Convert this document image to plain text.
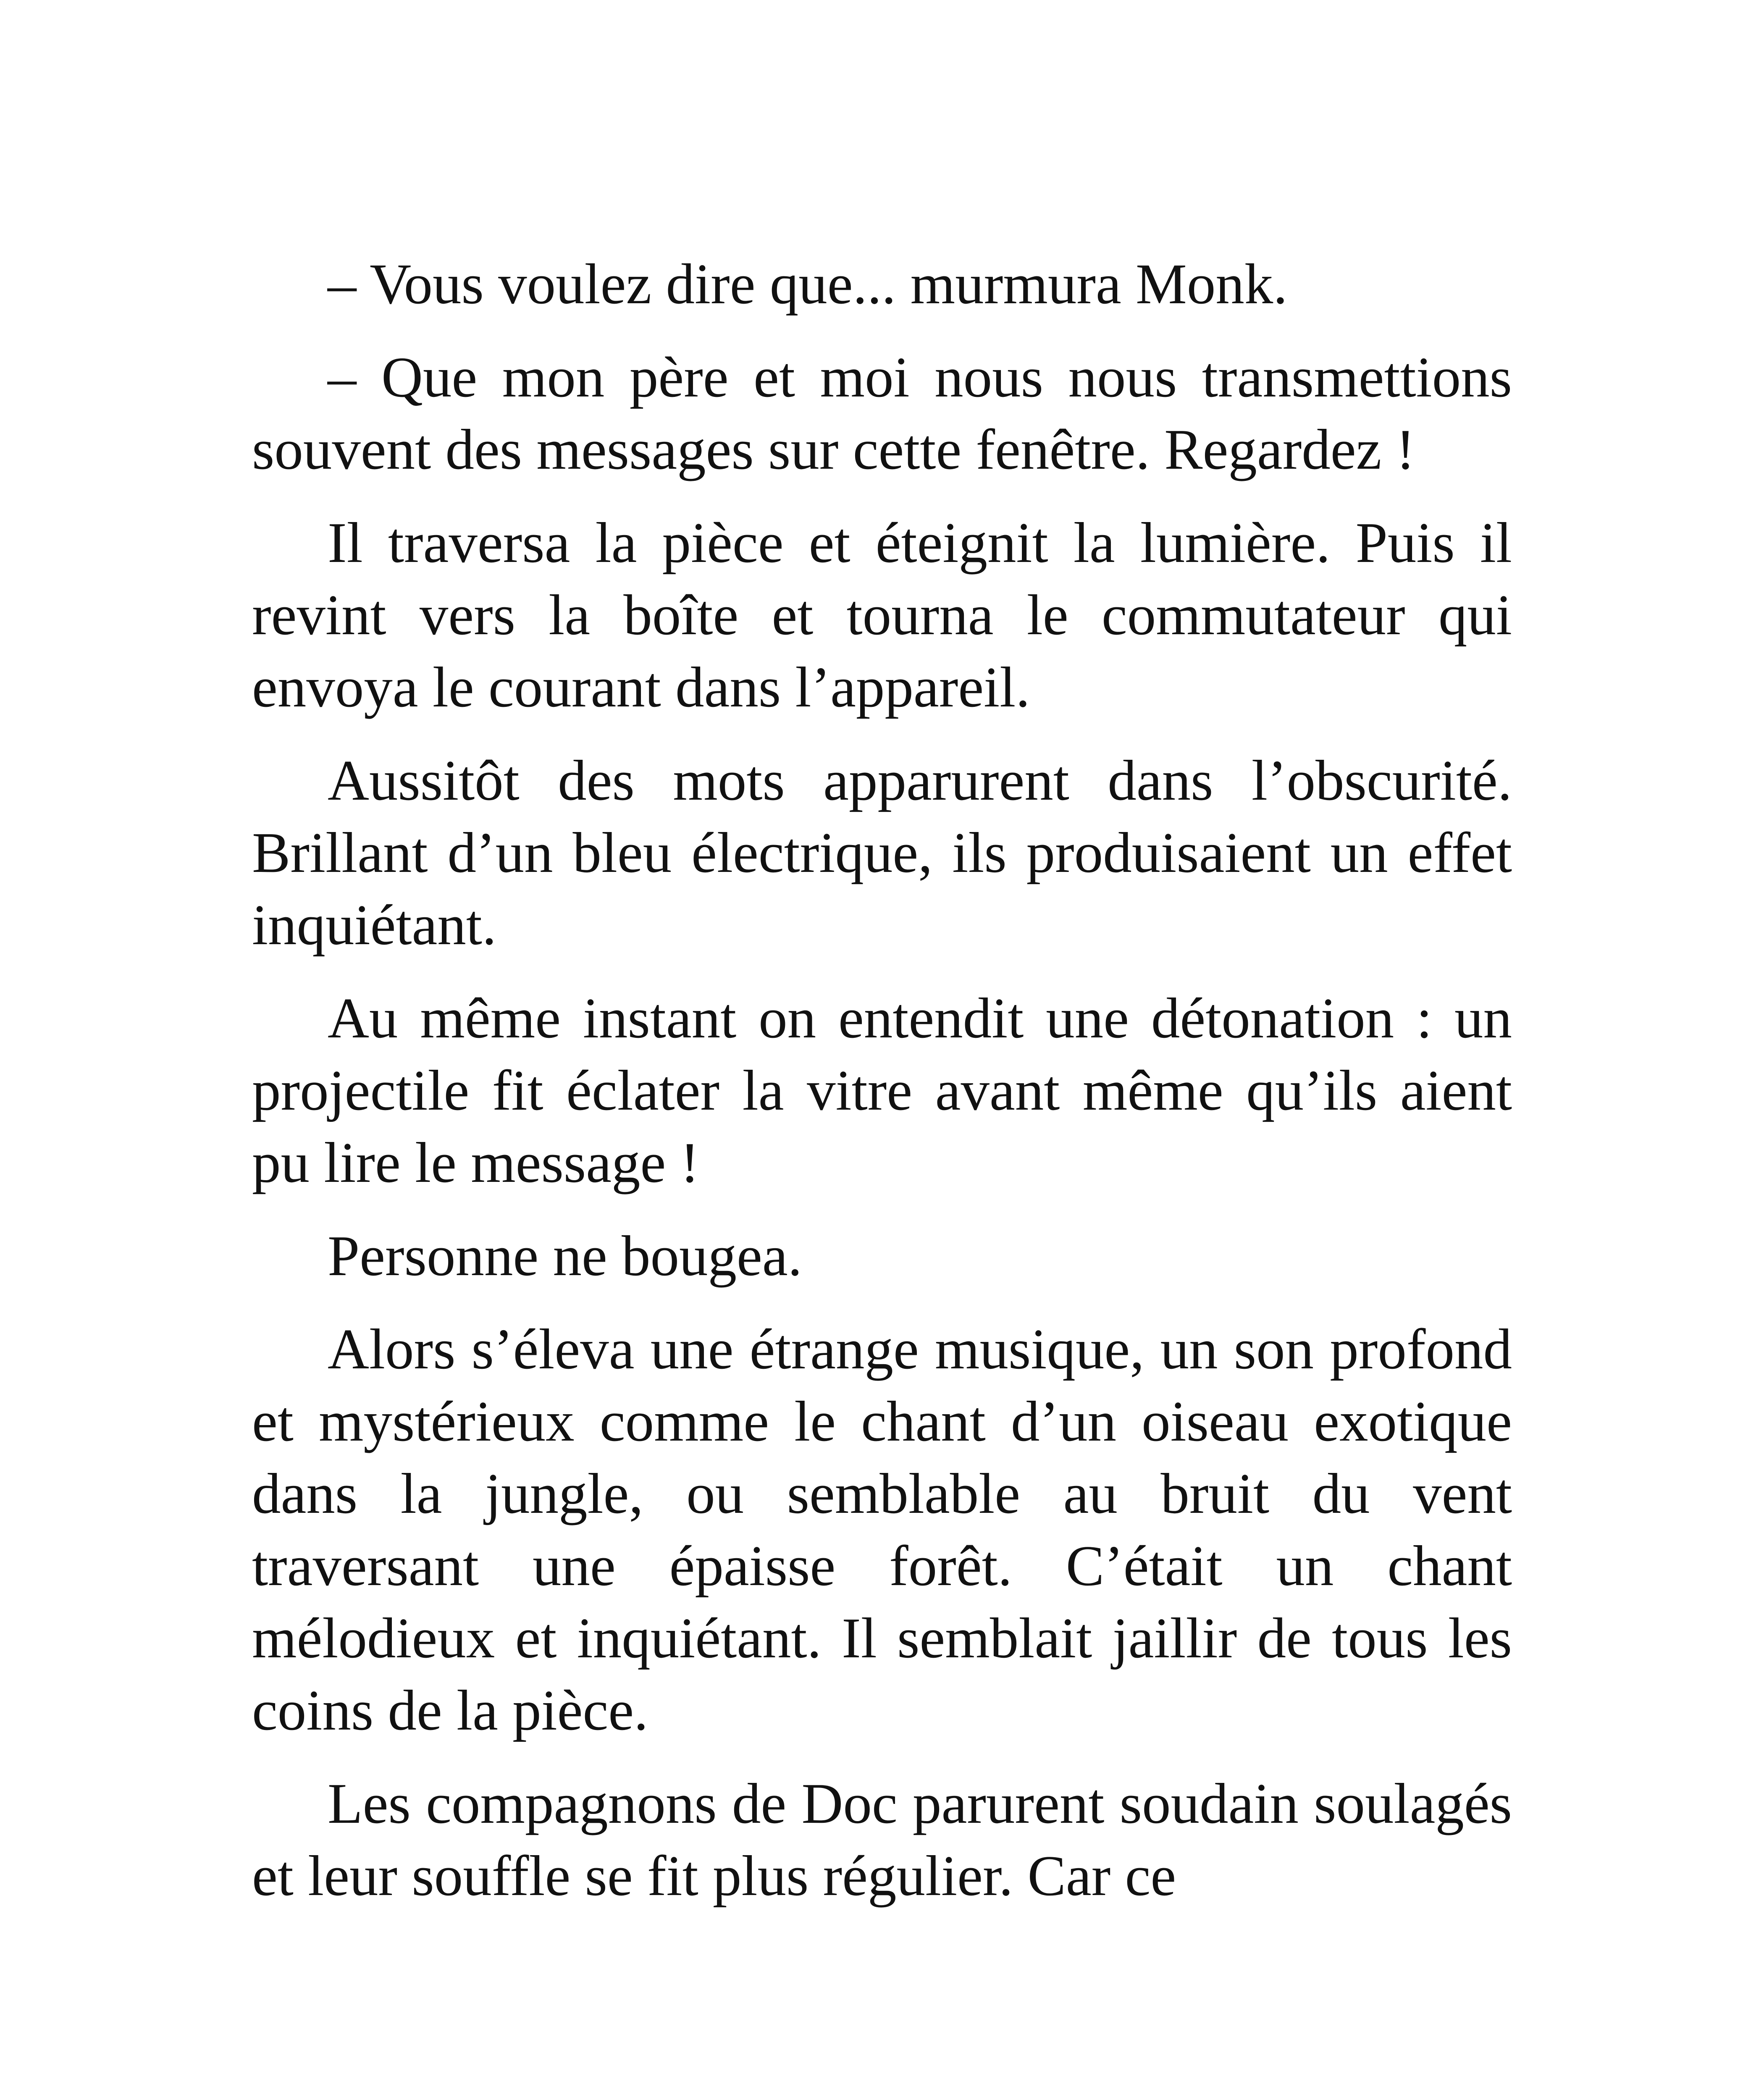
– Vous voulez dire que... murmura Monk.

– Que mon père et moi nous nous transmettions souvent des messages sur cette fenêtre. Regardez !

Il traversa la pièce et éteignit la lumière. Puis il revint vers la boîte et tourna le commutateur qui envoya le courant dans l’appareil.

Aussitôt des mots apparurent dans l’obscurité. Brillant d’un bleu électrique, ils produisaient un effet inquiétant.

Au même instant on entendit une détonation : un projectile fit éclater la vitre avant même qu’ils aient pu lire le message !

Personne ne bougea.

Alors s’éleva une étrange musique, un son profond et mystérieux comme le chant d’un oiseau exotique dans la jungle, ou semblable au bruit du vent traversant une épaisse forêt. C’était un chant mélodieux et inquiétant. Il semblait jaillir de tous les coins de la pièce.

Les compagnons de Doc parurent soudain soulagés et leur souffle se fit plus régulier. Car ce
